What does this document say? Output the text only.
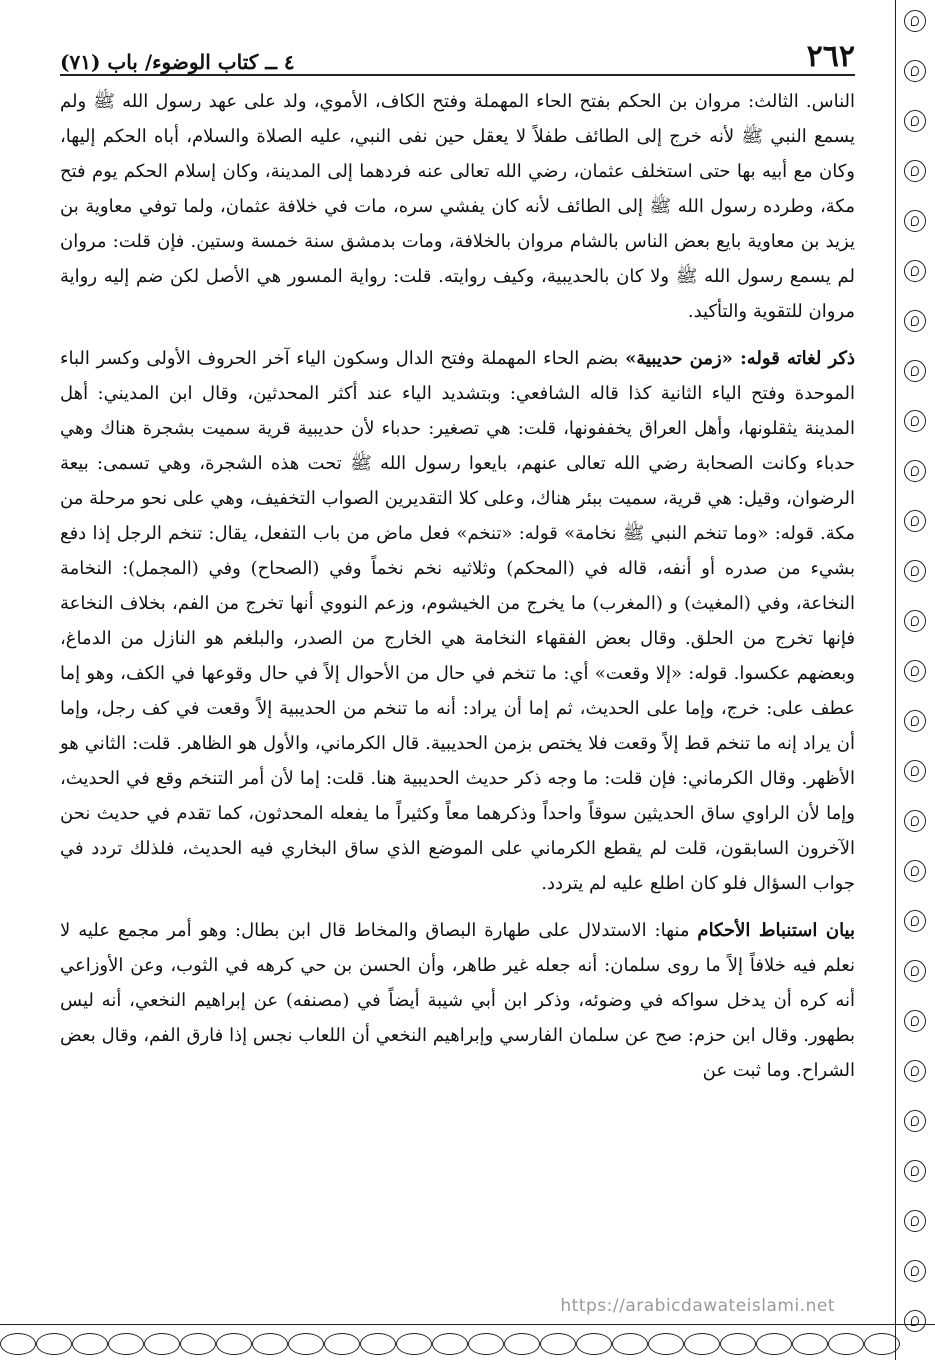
٢٦٢
٤ ــ كتاب الوضوء/ باب (٧١)

الناس. الثالث: مروان بن الحكم بفتح الحاء المهملة وفتح الكاف، الأموي، ولد على عهد رسول الله ﷺ ولم يسمع النبي ﷺ لأنه خرج إلى الطائف طفلاً لا يعقل حين نفى النبي، عليه الصلاة والسلام، أباه الحكم إليها، وكان مع أبيه بها حتى استخلف عثمان، رضي الله تعالى عنه فردهما إلى المدينة، وكان إسلام الحكم يوم فتح مكة، وطرده رسول الله ﷺ إلى الطائف لأنه كان يفشي سره، مات في خلافة عثمان، ولما توفي معاوية بن يزيد بن معاوية بايع بعض الناس بالشام مروان بالخلافة، ومات بدمشق سنة خمسة وستين. فإن قلت: مروان لم يسمع رسول الله ﷺ ولا كان بالحديبية، وكيف روايته. قلت: رواية المسور هي الأصل لكن ضم إليه رواية مروان للتقوية والتأكيد.

ذكر لغاته قوله: «زمن حديبية» بضم الحاء المهملة وفتح الدال وسكون الياء آخر الحروف الأولى وكسر الباء الموحدة وفتح الياء الثانية كذا قاله الشافعي: وبتشديد الياء عند أكثر المحدثين، وقال ابن المديني: أهل المدينة يثقلونها، وأهل العراق يخففونها، قلت: هي تصغير: حدباء لأن حديبية قرية سميت بشجرة هناك وهي حدباء وكانت الصحابة رضي الله تعالى عنهم، بايعوا رسول الله ﷺ تحت هذه الشجرة، وهي تسمى: بيعة الرضوان، وقيل: هي قرية، سميت ببئر هناك، وعلى كلا التقديرين الصواب التخفيف، وهي على نحو مرحلة من مكة. قوله: «وما تنخم النبي ﷺ نخامة» قوله: «تنخم» فعل ماض من باب التفعل، يقال: تنخم الرجل إذا دفع بشيء من صدره أو أنفه، قاله في (المحكم) وثلاثيه نخم نخماً وفي (الصحاح) وفي (المجمل): النخامة النخاعة، وفي (المغيث) و (المغرب) ما يخرج من الخيشوم، وزعم النووي أنها تخرج من الفم، بخلاف النخاعة فإنها تخرج من الحلق. وقال بعض الفقهاء النخامة هي الخارج من الصدر، والبلغم هو النازل من الدماغ، وبعضهم عكسوا. قوله: «إلا وقعت» أي: ما تنخم في حال من الأحوال إلاً في حال وقوعها في الكف، وهو إما عطف على: خرج، وإما على الحديث، ثم إما أن يراد: أنه ما تنخم من الحديبية إلاً وقعت في كف رجل، وإما أن يراد إنه ما تنخم قط إلاً وقعت فلا يختص بزمن الحديبية. قال الكرماني، والأول هو الظاهر. قلت: الثاني هو الأظهر. وقال الكرماني: فإن قلت: ما وجه ذكر حديث الحديبية هنا. قلت: إما لأن أمر التنخم وقع في الحديث، وإما لأن الراوي ساق الحديثين سوقاً واحداً وذكرهما معاً وكثيراً ما يفعله المحدثون، كما تقدم في حديث نحن الآخرون السابقون، قلت لم يقطع الكرماني على الموضع الذي ساق البخاري فيه الحديث، فلذلك تردد في جواب السؤال فلو كان اطلع عليه لم يتردد.

بيان استنباط الأحكام منها: الاستدلال على طهارة البصاق والمخاط قال ابن بطال: وهو أمر مجمع عليه لا نعلم فيه خلافاً إلاً ما روى سلمان: أنه جعله غير طاهر، وأن الحسن بن حي كرهه في الثوب، وعن الأوزاعي أنه كره أن يدخل سواكه في وضوئه، وذكر ابن أبي شيبة أيضاً في (مصنفه) عن إبراهيم النخعي، أنه ليس بطهور. وقال ابن حزم: صح عن سلمان الفارسي وإبراهيم النخعي أن اللعاب نجس إذا فارق الفم، وقال بعض الشراح. وما ثبت عن

https://arabicdawateislami.net
